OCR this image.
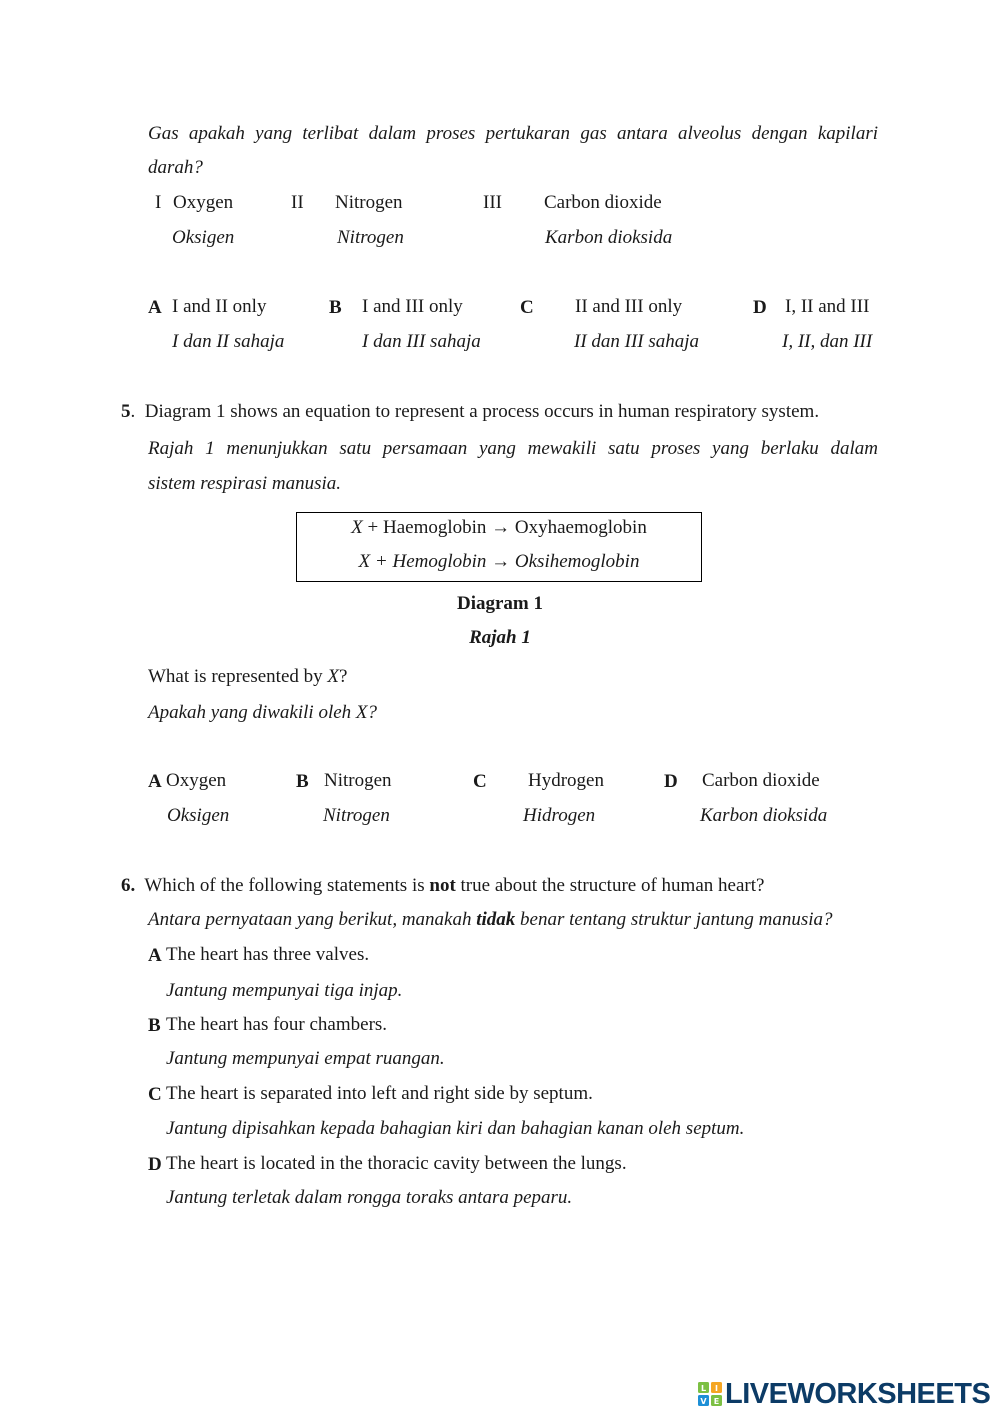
Gas apakah yang terlibat dalam proses pertukaran gas antara alveolus dengan kapilari
darah?
I Oxygen
Oksigen
II Nitrogen
Nitrogen
III Carbon dioxide
Karbon dioksida
A I and II only
I dan II sahaja
B I and III only
I dan III sahaja
C II and III only
II dan III sahaja
D I, II and III
I, II, dan III
5.  Diagram 1 shows an equation to represent a process occurs in human respiratory system.
Rajah 1 menunjukkan satu persamaan yang mewakili satu proses yang berlaku dalam
sistem respirasi manusia.
X + Haemoglobin → Oxyhaemoglobin
X + Hemoglobin → Oksihemoglobin
Diagram 1
Rajah 1
What is represented by X?
Apakah yang diwakili oleh X?
A Oxygen
Oksigen
B Nitrogen
Nitrogen
C Hydrogen
Hidrogen
D Carbon dioxide
Karbon dioksida
6. Which of the following statements is not true about the structure of human heart?
Antara pernyataan yang berikut, manakah tidak benar tentang struktur jantung manusia?
A The heart has three valves.
Jantung mempunyai tiga injap.
B The heart has four chambers.
Jantung mempunyai empat ruangan.
C The heart is separated into left and right side by septum.
Jantung dipisahkan kepada bahagian kiri dan bahagian kanan oleh septum.
D The heart is located in the thoracic cavity between the lungs.
Jantung terletak dalam rongga toraks antara peparu.
L I
V E LIVEWORKSHEETS
